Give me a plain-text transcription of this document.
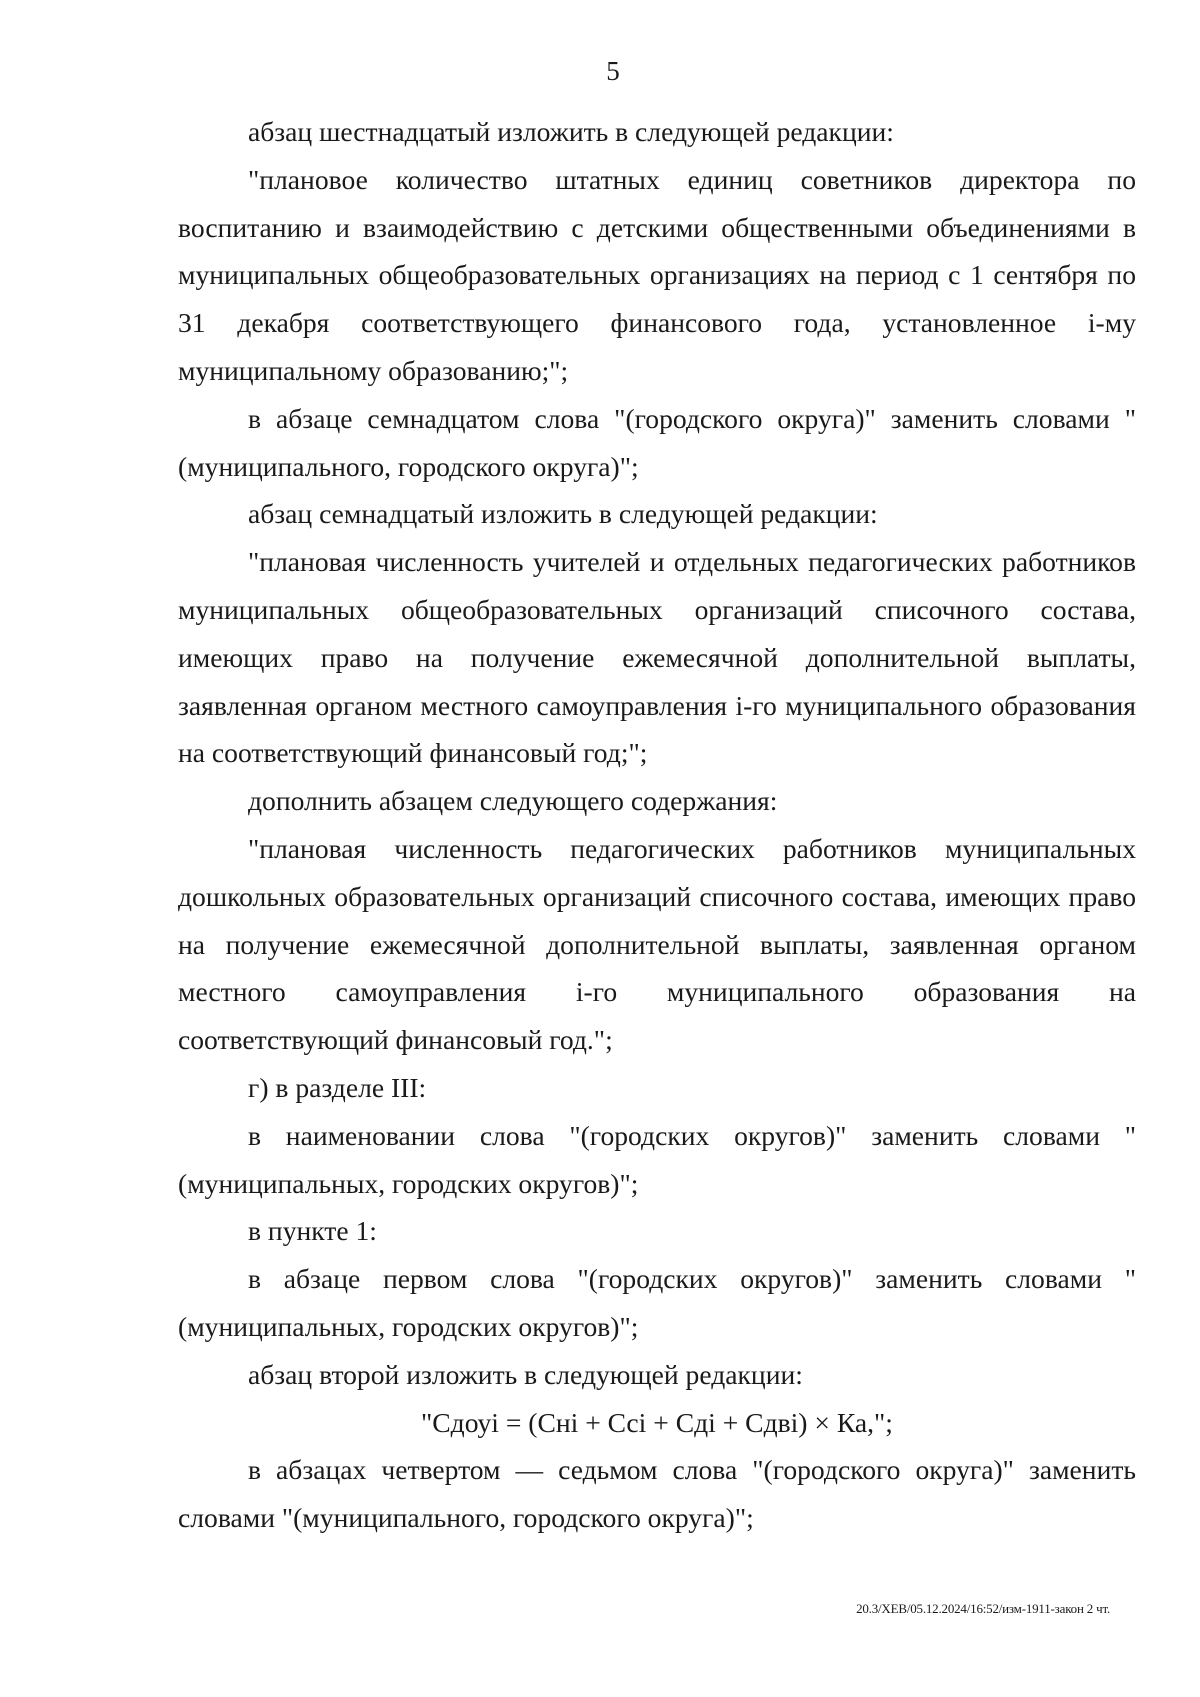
5

абзац шестнадцатый изложить в следующей редакции:

"плановое количество штатных единиц советников директора по воспитанию и взаимодействию с детскими общественными объединениями в муниципальных общеобразовательных организациях на период с 1 сентября по 31 декабря соответствующего финансового года, установленное i-му муниципальному образованию;";

в абзаце семнадцатом слова "(городского округа)" заменить словами "(муниципального, городского округа)";

абзац семнадцатый изложить в следующей редакции:

"плановая численность учителей и отдельных педагогических работников муниципальных общеобразовательных организаций списочного состава, имеющих право на получение ежемесячной дополнительной выплаты, заявленная органом местного самоуправления i-го муниципального образования на соответствующий финансовый год;";

дополнить абзацем следующего содержания:

"плановая численность педагогических работников муниципальных дошкольных образовательных организаций списочного состава, имеющих право на получение ежемесячной дополнительной выплаты, заявленная органом местного самоуправления i-го муниципального образования на соответствующий финансовый год.";

г) в разделе III:

в наименовании слова "(городских округов)" заменить словами "(муниципальных, городских округов)";

в пункте 1:

в абзаце первом слова "(городских округов)" заменить словами "(муниципальных, городских округов)";

абзац второй изложить в следующей редакции:

"Сдоуi = (Снi + Ссi + Сдi + Сдвi) × Ка,";

в абзацах четвертом — седьмом слова "(городского округа)" заменить словами "(муниципального, городского округа)";

20.3/ХЕВ/05.12.2024/16:52/изм-1911-закон 2 чт.
